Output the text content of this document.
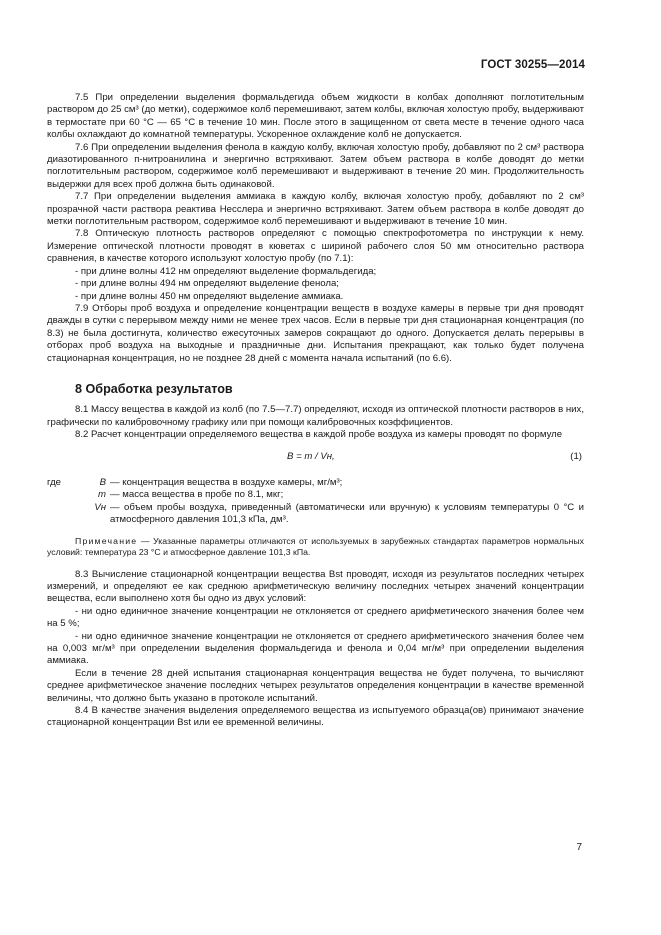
ГОСТ 30255—2014

7.5 При определении выделения формальдегида объем жидкости в колбах дополняют поглотительным раствором до 25 см³ (до метки), содержимое колб перемешивают, затем колбы, включая холостую пробу, выдерживают в термостате при 60 °С — 65 °С в течение 10 мин. После этого в защищенном от света месте в течение одного часа колбы охлаждают до комнатной температуры. Ускоренное охлаждение колб не допускается.

7.6 При определении выделения фенола в каждую колбу, включая холостую пробу, добавляют по 2 см³ раствора диазотированного п-нитроанилина и энергично встряхивают. Затем объем раствора в колбе доводят до метки поглотительным раствором, содержимое колб перемешивают и выдерживают в течение 20 мин. Продолжительность выдержки для всех проб должна быть одинаковой.

7.7 При определении выделения аммиака в каждую колбу, включая холостую пробу, добавляют по 2 см³ прозрачной части раствора реактива Несслера и энергично встряхивают. Затем объем раствора в колбе доводят до метки поглотительным раствором, содержимое колб перемешивают и выдерживают в течение 10 мин.

7.8 Оптическую плотность растворов определяют с помощью спектрофотометра по инструкции к нему. Измерение оптической плотности проводят в кюветах с шириной рабочего слоя 50 мм относительно раствора сравнения, в качестве которого используют холостую пробу (по 7.1):

- при длине волны 412 нм определяют выделение формальдегида;

- при длине волны 494 нм определяют выделение фенола;

- при длине волны 450 нм определяют выделение аммиака.

7.9 Отборы проб воздуха и определение концентрации веществ в воздухе камеры в первые три дня проводят дважды в сутки с перерывом между ними не менее трех часов. Если в первые три дня стационарная концентрация (по 8.3) не была достигнута, количество ежесуточных замеров сокращают до одного. Допускается делать перерывы в отборах проб воздуха на выходные и праздничные дни. Испытания прекращают, как только будет получена стационарная концентрация, но не позднее 28 дней с момента начала испытаний (по 6.6).

8 Обработка результатов

8.1 Массу вещества в каждой из колб (по 7.5—7.7) определяют, исходя из оптической плотности растворов в них, графически по калибровочному графику или при помощи калибровочных коэффициентов.

8.2 Расчет концентрации определяемого вещества в каждой пробе воздуха из камеры проводят по формуле

B = m / Vн,	(1)
где	B — концентрация вещества в воздухе камеры, мг/м³;
m — масса вещества в пробе по 8.1, мкг;
Vн — объем пробы воздуха, приведенный (автоматически или вручную) к условиям температуры 0 °С и атмосферного давления 101,3 кПа, дм³.

Примечание — Указанные параметры отличаются от используемых в зарубежных стандартах параметров нормальных условий: температура 23 °С и атмосферное давление 101,3 кПа.

8.3 Вычисление стационарной концентрации вещества Bst проводят, исходя из результатов последних четырех измерений, и определяют ее как среднюю арифметическую величину последних четырех значений концентрации вещества, если выполнено хотя бы одно из двух условий:

- ни одно единичное значение концентрации не отклоняется от среднего арифметического значения более чем на 5 %;

- ни одно единичное значение концентрации не отклоняется от среднего арифметического значения более чем на 0,003 мг/м³ при определении выделения формальдегида и фенола и 0,04 мг/м³ при определении выделения аммиака.

Если в течение 28 дней испытания стационарная концентрация вещества не будет получена, то вычисляют среднее арифметическое значение последних четырех результатов определения концентрации в качестве временной величины, что должно быть указано в протоколе испытаний.

8.4 В качестве значения выделения определяемого вещества из испытуемого образца(ов) принимают значение стационарной концентрации Bst или ее временной величины.

7
